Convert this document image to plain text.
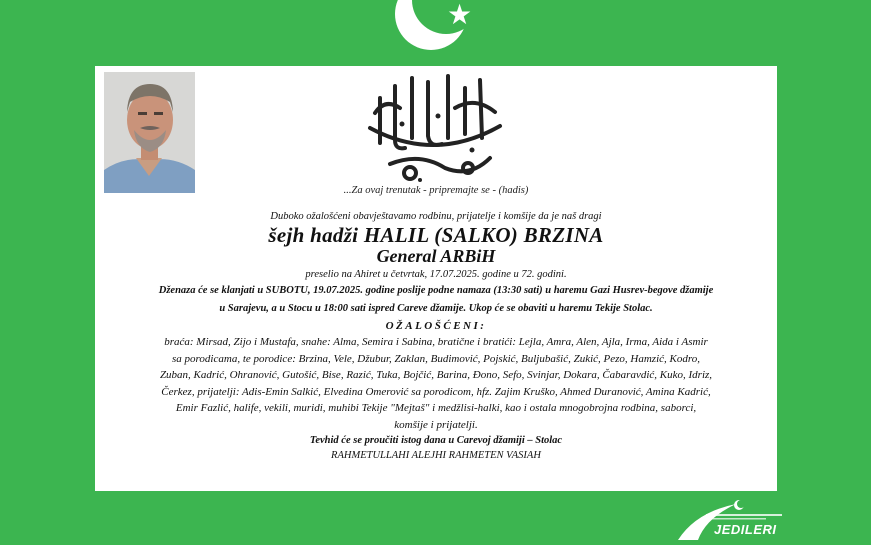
★
...Za ovaj trenutak - pripremajte se - (hadis)
Duboko ožalošćeni obavještavamo rodbinu, prijatelje i komšije da je naš dragi
šejh hadži HALIL (SALKO) BRZINA
General ARBiH
preselio na Ahiret u četvrtak, 17.07.2025. godine u 72. godini.
Dženaza će se klanjati u SUBOTU, 19.07.2025. godine poslije podne namaza (13:30 sati) u haremu Gazi Husrev-begove džamije
u Sarajevu, a u Stocu u 18:00 sati ispred Careve džamije. Ukop će se obaviti u haremu Tekije Stolac.
OŽALOŠĆENI:
braća: Mirsad, Zijo i Mustafa, snahe: Alma, Semira i Sabina, bratične i bratići: Lejla, Amra, Alen, Ajla, Irma, Aida i Asmir
sa porodicama, te porodice: Brzina, Vele, Džubur, Zaklan, Budimović, Pojskić, Buljubašić, Zukić, Pezo, Hamzić, Kodro,
Zuban, Kadrić, Ohranović, Gutošić, Bise, Razić, Tuka, Bojčić, Barina, Đono, Sefo, Svinjar, Dokara, Čabaravdić, Kuko, Idriz,
Čerkez, prijatelji: Adis-Emin Salkić, Elvedina Omerović sa porodicom, hfz. Zajim Kruško, Ahmed Duranović, Amina Kadrić,
Emir Fazlić, halife, vekili, muridi, muhibi Tekije "Mejtaš" i medžlisi-halki, kao i ostala mnogobrojna rodbina, saborci,
komšije i prijatelji.
Tevhid će se proučiti istog dana u Carevoj džamiji – Stolac
RAHMETULLAHI ALEJHI RAHMETEN VASIAH
JEDILERI
